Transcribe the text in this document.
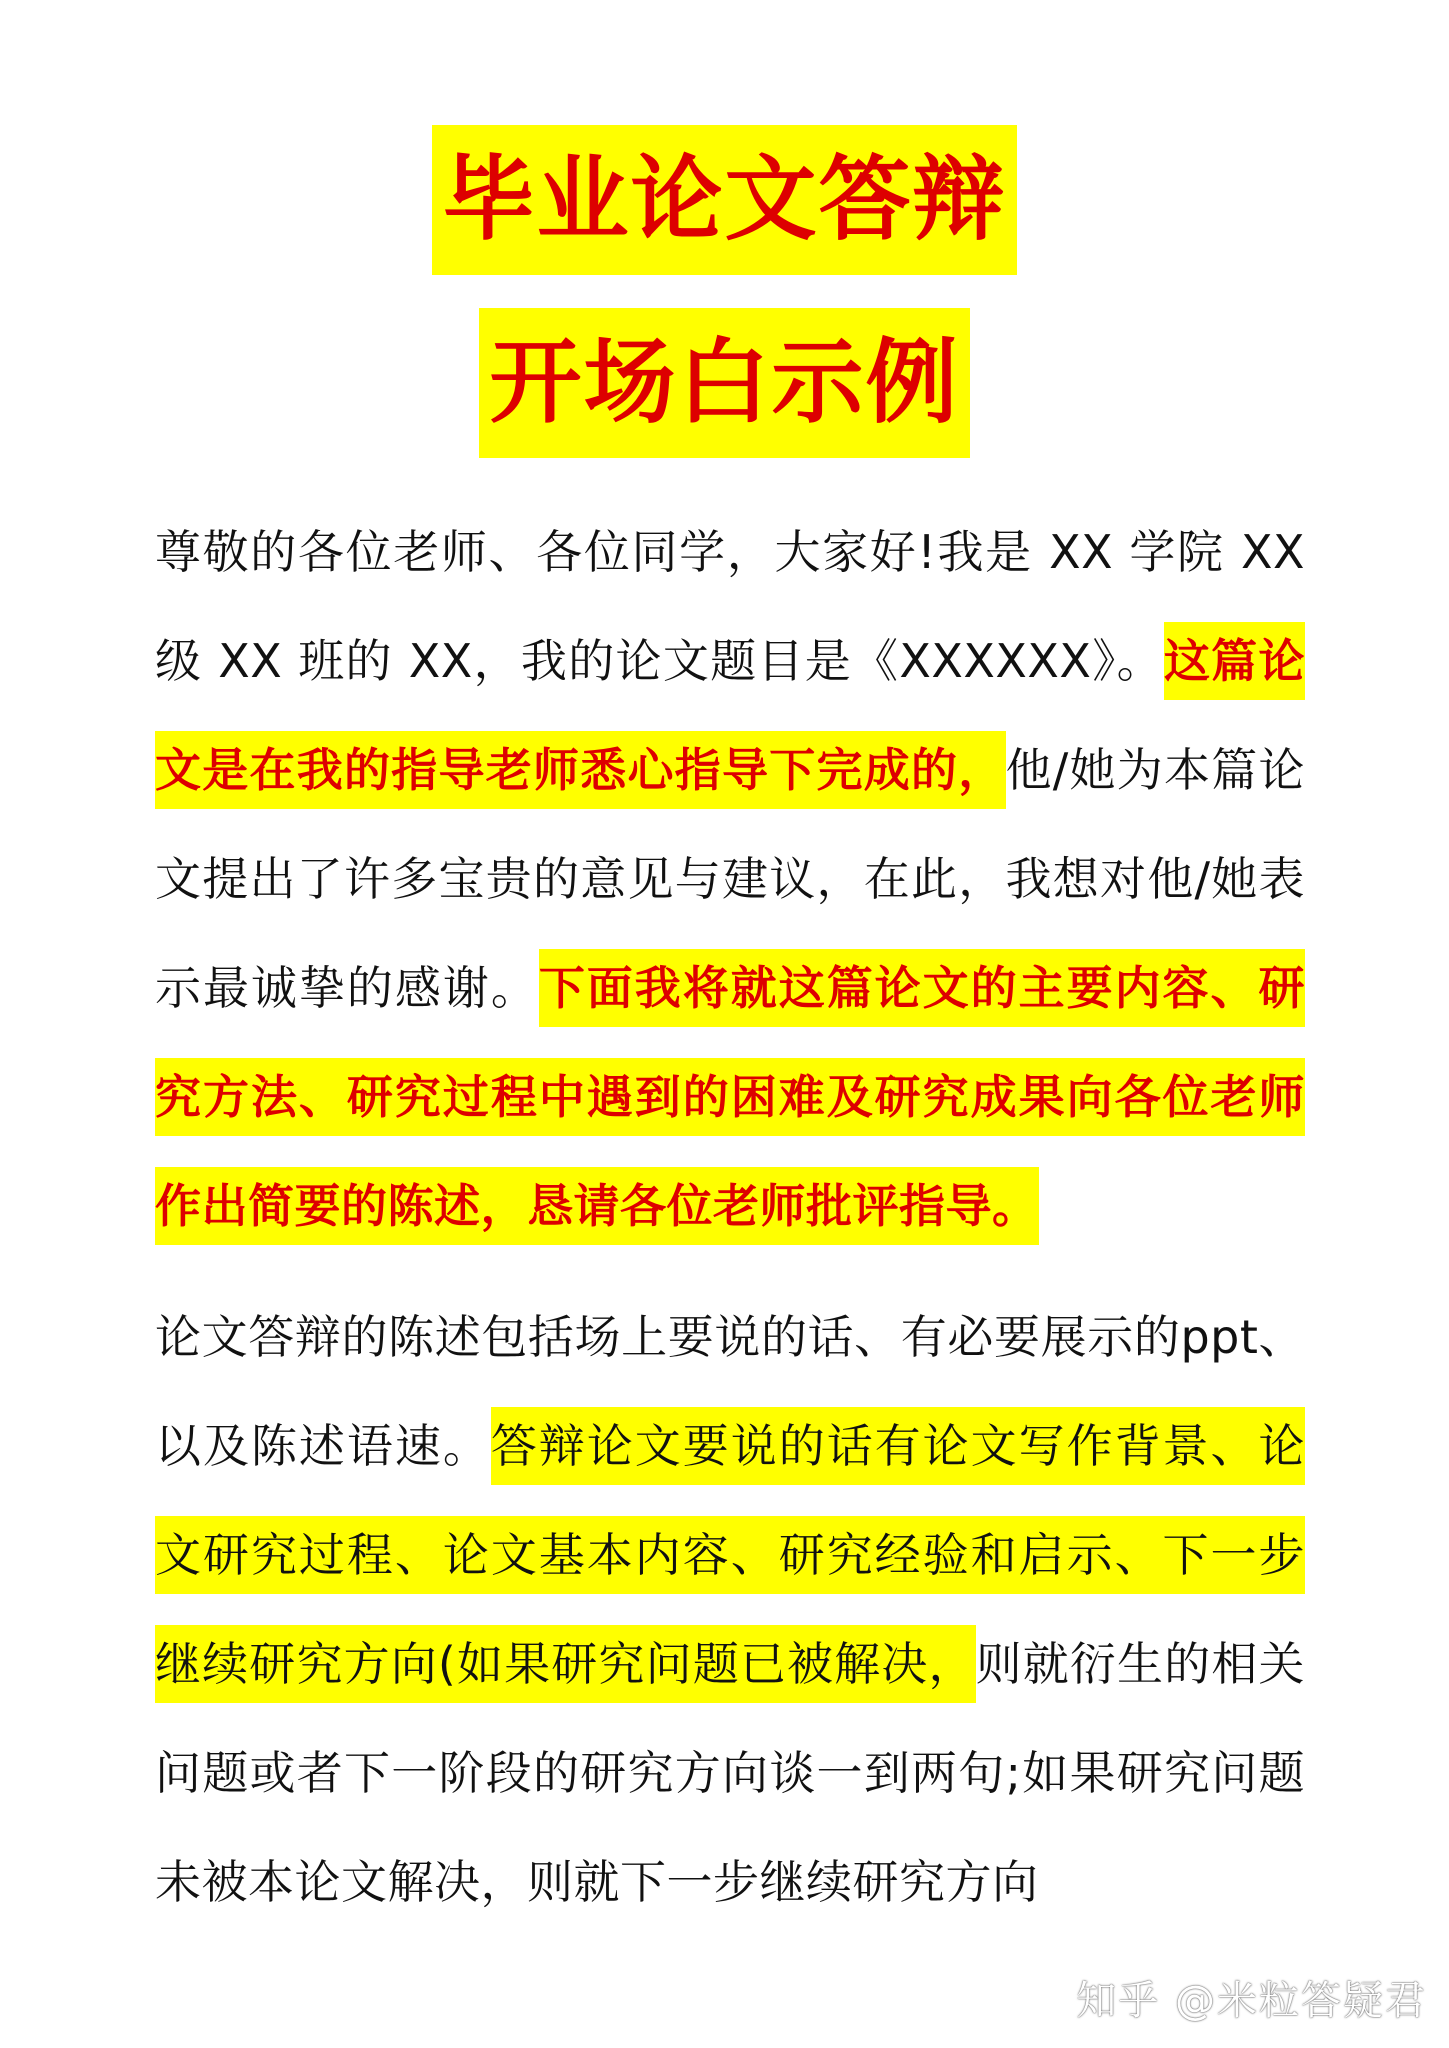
毕业论文答辩
开场白示例
尊敬的各位老师、各位同学，大家好!我是 XX 学院 XX 级 XX 班的 XX，我的论文题目是《XXXXXX》。这篇论文是在我的指导老师悉心指导下完成的，他/她为本篇论文提出了许多宝贵的意见与建议，在此，我想对他/她表示最诚挚的感谢。下面我将就这篇论文的主要内容、研究方法、研究过程中遇到的困难及研究成果向各位老师作出简要的陈述，恳请各位老师批评指导。
论文答辩的陈述包括场上要说的话、有必要展示的ppt、以及陈述语速。答辩论文要说的话有论文写作背景、论文研究过程、论文基本内容、研究经验和启示、下一步继续研究方向(如果研究问题已被解决，则就衍生的相关问题或者下一阶段的研究方向谈一到两句;如果研究问题未被本论文解决，则就下一步继续研究方向
知乎 @米粒答疑君
